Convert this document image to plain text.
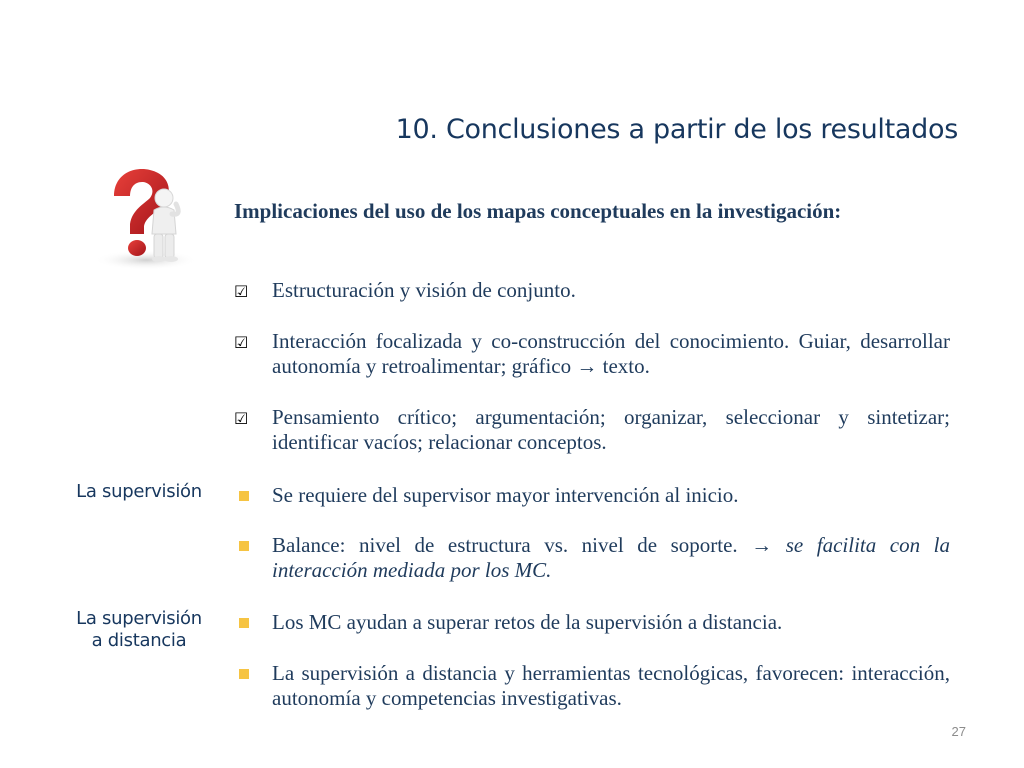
10. Conclusiones a partir de los resultados
Implicaciones del uso de los mapas conceptuales en la investigación:
☑	Estructuración y visión de conjunto.
☑	Interacción focalizada y co-construcción del conocimiento. Guiar, desarrollar autonomía y retroalimentar; gráfico → texto.
☑	Pensamiento crítico; argumentación; organizar, seleccionar y sintetizar; identificar vacíos; relacionar conceptos.
Se requiere del supervisor mayor intervención al inicio.
Balance: nivel de estructura vs. nivel de soporte. → se facilita con la interacción mediada por los MC.
Los MC ayudan a superar retos de la supervisión a distancia.
La supervisión a distancia y herramientas tecnológicas, favorecen: interacción, autonomía y competencias investigativas.
La supervisión
La supervisión
a distancia
27
